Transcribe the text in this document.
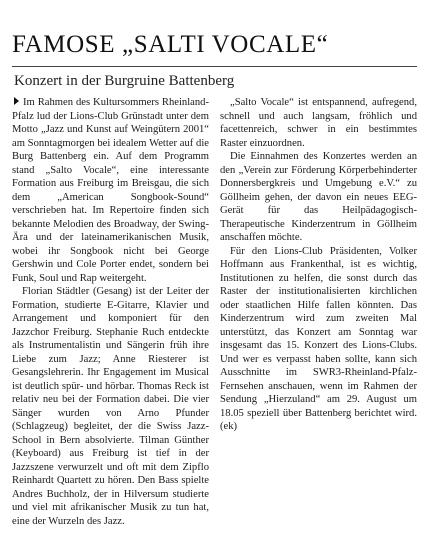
FAMOSE „SALTI VOCALE“
Konzert in der Burgruine Battenberg

Im Rahmen des Kultursommers Rheinland-Pfalz lud der Lions-Club Grünstadt unter dem Motto „Jazz und Kunst auf Weingütern 2001“ am Sonntagmorgen bei idealem Wetter auf die Burg Battenberg ein. Auf dem Programm stand „Salto Vocale“, eine interessante Formation aus Freiburg im Breisgau, die sich dem „American Songbook-Sound“ verschrieben hat. Im Repertoire finden sich bekannte Melodien des Broadway, der Swing-Ära und der lateinamerikanischen Musik, wobei ihr Songbook nicht bei George Gershwin und Cole Porter endet, sondern bei Funk, Soul und Rap weitergeht.

Florian Städtler (Gesang) ist der Leiter der Formation, studierte E-Gitarre, Klavier und Arrangement und komponiert für den Jazzchor Freiburg. Stephanie Ruch entdeckte als Instrumentalistin und Sängerin früh ihre Liebe zum Jazz; Anne Riesterer ist Gesangslehrerin. Ihr Engagement im Musical ist deutlich spür- und hörbar. Thomas Reck ist relativ neu bei der Formation dabei. Die vier Sänger wurden von Arno Pfunder (Schlagzeug) begleitet, der die Swiss Jazz-School in Bern absolvierte. Tilman Günther (Keyboard) aus Freiburg ist tief in der Jazzszene verwurzelt und oft mit dem Zipflo Reinhardt Quartett zu hören. Den Bass spielte Andres Buchholz, der in Hilversum studierte und viel mit afrikanischer Musik zu tun hat, eine der Wurzeln des Jazz.

„Salto Vocale“ ist entspannend, aufregend, schnell und auch langsam, fröhlich und facettenreich, schwer in ein bestimmtes Raster einzuordnen.

Die Einnahmen des Konzertes werden an den „Verein zur Förderung Körperbehinderter Donnersbergkreis und Umgebung e.V.“ zu Göllheim gehen, der davon ein neues EEG-Gerät für das Heilpädagogisch-Therapeutische Kinderzentrum in Göllheim anschaffen möchte.

Für den Lions-Club Präsidenten, Volker Hoffmann aus Frankenthal, ist es wichtig, Institutionen zu helfen, die sonst durch das Raster der institutionalisierten kirchlichen oder staatlichen Hilfe fallen könnten. Das Kinderzentrum wird zum zweiten Mal unterstützt, das Konzert am Sonntag war insgesamt das 15. Konzert des Lions-Clubs. Und wer es verpasst haben sollte, kann sich Ausschnitte im SWR3-Rheinland-Pfalz-Fernsehen anschauen, wenn im Rahmen der Sendung „Hierzuland“ am 29. August um 18.05 speziell über Battenberg berichtet wird. (ek)
